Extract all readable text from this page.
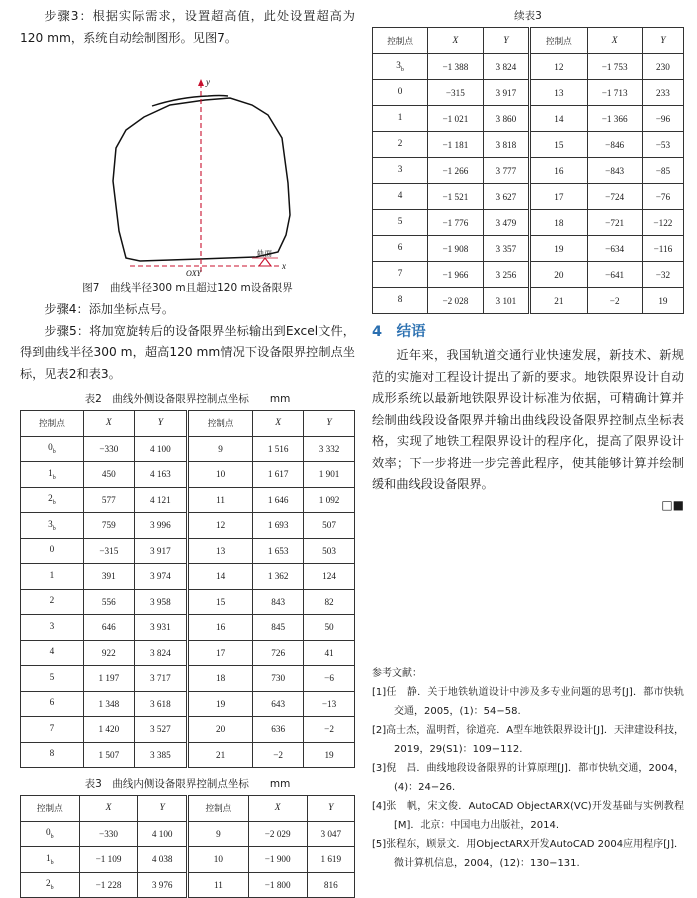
步骤3：根据实际需求，设置超高值，此处设置超高为120 mm，系统自动绘制图形。见图7。

y
x
OXY
轨面
图7　曲线半径300 m且超过120 m设备限界

步骤4：添加坐标点号。

步骤5：将加宽旋转后的设备限界坐标输出到Excel文件，得到曲线半径300 m，超高120 mm情况下设备限界控制点坐标，见表2和表3。

表2　曲线外侧设备限界控制点坐标　　mm
控制点	X	Y	控制点	X	Y
$0_b$	−330	4 100	9	1 516	3 332
$1_b$	450	4 163	10	1 617	1 901
$2_b$	577	4 121	11	1 646	1 092
$3_b$	759	3 996	12	1 693	507
0	−315	3 917	13	1 653	503
1	391	3 974	14	1 362	124
2	556	3 958	15	843	82
3	646	3 931	16	845	50
4	922	3 824	17	726	41
5	1 197	3 717	18	730	−6
6	1 348	3 618	19	643	−13
7	1 420	3 527	20	636	−2
8	1 507	3 385	21	−2	19
表3　曲线内侧设备限界控制点坐标　　mm
控制点	X	Y	控制点	X	Y
$0_b$	−330	4 100	9	−2 029	3 047
$1_b$	−1 109	4 038	10	−1 900	1 619
$2_b$	−1 228	3 976	11	−1 800	816
续表3
控制点	X	Y	控制点	X	Y
$3_b$	−1 388	3 824	12	−1 753	230
0	−315	3 917	13	−1 713	233
1	−1 021	3 860	14	−1 366	−96
2	−1 181	3 818	15	−846	−53
3	−1 266	3 777	16	−843	−85
4	−1 521	3 627	17	−724	−76
5	−1 776	3 479	18	−721	−122
6	−1 908	3 357	19	−634	−116
7	−1 966	3 256	20	−641	−32
8	−2 028	3 101	21	−2	19
4　结语

近年来，我国轨道交通行业快速发展，新技术、新规范的实施对工程设计提出了新的要求。地铁限界设计自动成形系统以最新地铁限界设计标准为依据，可精确计算并绘制曲线段设备限界并输出曲线段设备限界控制点坐标表格，实现了地铁工程限界设计的程序化，提高了限界设计效率；下一步将进一步完善此程序，使其能够计算并绘制缓和曲线段设备限界。

□■
参考文献：
[1]任　静．关于地铁轨道设计中涉及多专业问题的思考[J]．都市快轨交通，2005，(1)：54−58.
[2]高士杰，温明哲，徐道亮．A型车地铁限界设计[J]．天津建设科技，2019，29(S1)：109−112.
[3]倪　昌．曲线地段设备限界的计算原理[J]．都市快轨交通，2004，(4)：24−26.
[4]张　帆，宋文俊．AutoCAD ObjectARX(VC)开发基础与实例教程[M]．北京：中国电力出版社，2014.
[5]张程东，顾景文．用ObjectARX开发AutoCAD 2004应用程序[J]．微计算机信息，2004，(12)：130−131.
